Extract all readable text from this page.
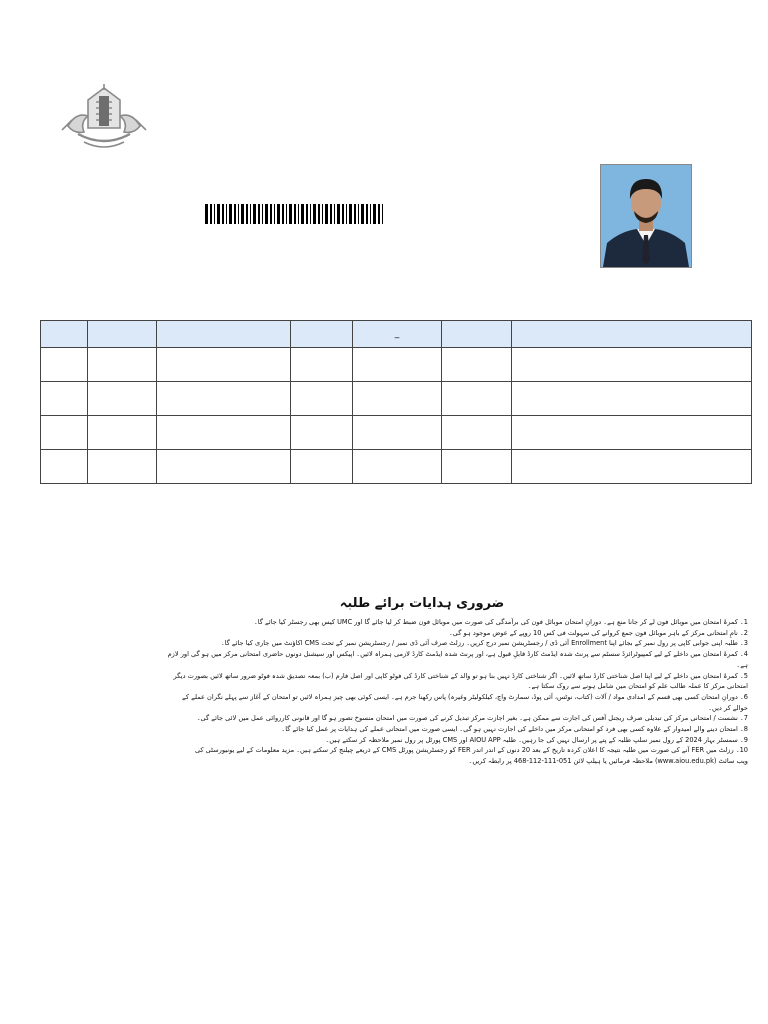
				_		

ضروری ہدایات برائے طلبہ

1۔ کمرۂ امتحان میں موبائل فون لے کر جانا منع ہے۔ دورانِ امتحان موبائل فون کی برآمدگی کی صورت میں موبائل فون ضبط کر لیا جائے گا اور UMC کیس بھی رجسٹر کیا جائے گا۔

2۔ نامِ امتحانی مرکز کے باہر موبائل فون جمع کروانے کی سہولت فی کس 10 روپے کے عوض موجود ہو گی۔

3۔ طلبہ اپنی جوابی کاپی پر رول نمبر کے بجائے اپنا Enrollment آئی ڈی / رجسٹریشن نمبر درج کریں۔ رزلٹ صرف آئی ڈی نمبر / رجسٹریشن نمبر کے تحت CMS اکاؤنٹ میں جاری کیا جائے گا۔

4۔ کمرۂ امتحان میں داخلے کے لیے کمپیوٹرائزڈ سسٹم سے پرنٹ شدہ ایڈمٹ کارڈ قابلِ قبول ہے، اور پرنٹ شدہ ایڈمٹ کارڈ لازمی ہمراہ لائیں۔ اپیکس اور سیشنل دونوں حاضری امتحانی مرکز میں ہو گی اور لازم

ہے۔

5۔ کمرۂ امتحان میں داخلے کے لیے اپنا اصل شناختی کارڈ ساتھ لائیں۔ اگر شناختی کارڈ نہیں بنا ہو تو والد کے شناختی کارڈ کی فوٹو کاپی اور اصل فارم (ب) بمعہ تصدیق شدہ فوٹو ضرور ساتھ لائیں بصورت دیگر

امتحانی مرکز کا عملہ طالب علم کو امتحان میں شامل ہونے سے روک سکتا ہے۔

6۔ دورانِ امتحان کسی بھی قسم کے امدادی مواد / آلات (کتاب، نوٹس، آئی پوڈ، سمارٹ واچ، کیلکولیٹر وغیرہ) پاس رکھنا جرم ہے۔ ایسی کوئی بھی چیز ہمراہ لائیں تو امتحان کے آغاز سے پہلے نگران عملے کے

حوالے کر دیں۔

7۔ نشست / امتحانی مرکز کی تبدیلی صرف ریجنل آفس کی اجازت سے ممکن ہے۔ بغیر اجازت مرکز تبدیل کرنے کی صورت میں امتحان منسوخ تصور ہو گا اور قانونی کارروائی عمل میں لائی جائے گی۔

8۔ امتحان دینے والے امیدوار کے علاوہ کسی بھی فرد کو امتحانی مرکز میں داخلے کی اجازت نہیں ہو گی۔ ایسی صورت میں امتحانی عملے کی ہدایات پر عمل کیا جائے گا۔

9۔ سمسٹر بہار 2024 کے رول نمبر سلپ طلبہ کے پتے پر ارسال نہیں کی جا رہیں۔ طلبہ AIOU APP اور CMS پورٹل پر رول نمبر ملاحظہ کر سکتے ہیں۔

10۔ رزلٹ میں FER آنے کی صورت میں طلبہ نتیجہ کا اعلان کردہ تاریخ کے بعد 20 دنوں کے اندر اندر FER کو رجسٹریشن پورٹل CMS کے ذریعے چیلنج کر سکتے ہیں۔ مزید معلومات کے لیے یونیورسٹی کی

ویب سائٹ (www.aiou.edu.pk) ملاحظہ فرمائیں یا ہیلپ لائن 051-111-112-468 پر رابطہ کریں۔
